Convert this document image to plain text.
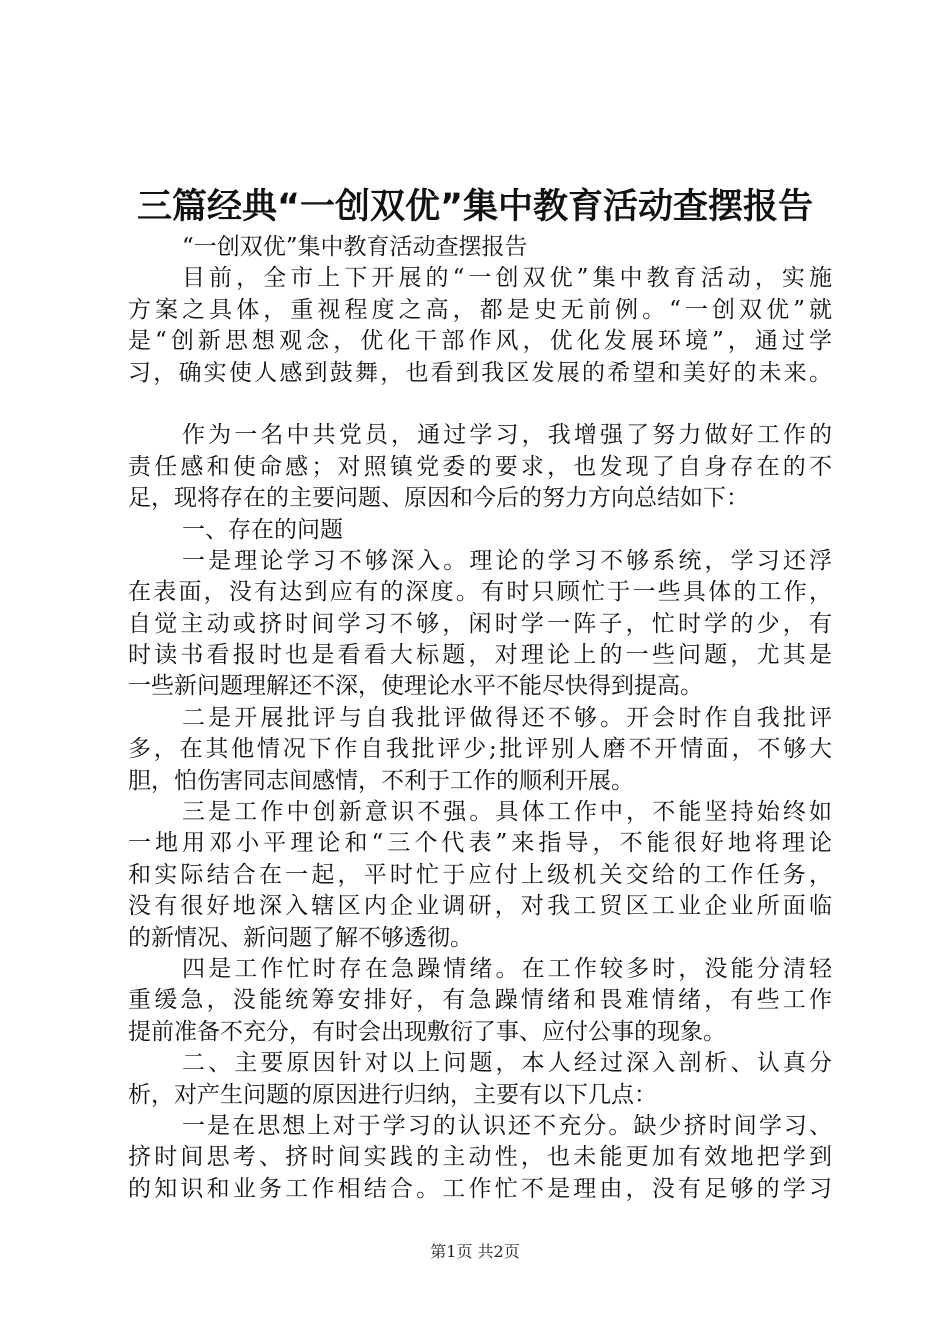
三篇经典“一创双优”集中教育活动查摆报告
“一创双优”集中教育活动查摆报告
目前，全市上下开展的“一创双优”集中教育活动，实施
方案之具体，重视程度之高，都是史无前例。“一创双优”就
是“创新思想观念，优化干部作风，优化发展环境”，通过学
习，确实使人感到鼓舞，也看到我区发展的希望和美好的未来。
作为一名中共党员，通过学习，我增强了努力做好工作的
责任感和使命感；对照镇党委的要求，也发现了自身存在的不
足，现将存在的主要问题、原因和今后的努力方向总结如下：
一、存在的问题
一是理论学习不够深入。理论的学习不够系统，学习还浮
在表面，没有达到应有的深度。有时只顾忙于一些具体的工作，
自觉主动或挤时间学习不够，闲时学一阵子，忙时学的少，有
时读书看报时也是看看大标题，对理论上的一些问题，尤其是
一些新问题理解还不深，使理论水平不能尽快得到提高。
二是开展批评与自我批评做得还不够。开会时作自我批评
多，在其他情况下作自我批评少;批评别人磨不开情面，不够大
胆，怕伤害同志间感情，不利于工作的顺利开展。
三是工作中创新意识不强。具体工作中，不能坚持始终如
一地用邓小平理论和“三个代表”来指导，不能很好地将理论
和实际结合在一起，平时忙于应付上级机关交给的工作任务，
没有很好地深入辖区内企业调研，对我工贸区工业企业所面临
的新情况、新问题了解不够透彻。
四是工作忙时存在急躁情绪。在工作较多时，没能分清轻
重缓急，没能统筹安排好，有急躁情绪和畏难情绪，有些工作
提前准备不充分，有时会出现敷衍了事、应付公事的现象。
二、主要原因针对以上问题，本人经过深入剖析、认真分
析，对产生问题的原因进行归纳，主要有以下几点：
一是在思想上对于学习的认识还不充分。缺少挤时间学习、
挤时间思考、挤时间实践的主动性，也未能更加有效地把学到
的知识和业务工作相结合。工作忙不是理由，没有足够的学习
第1页 共2页
